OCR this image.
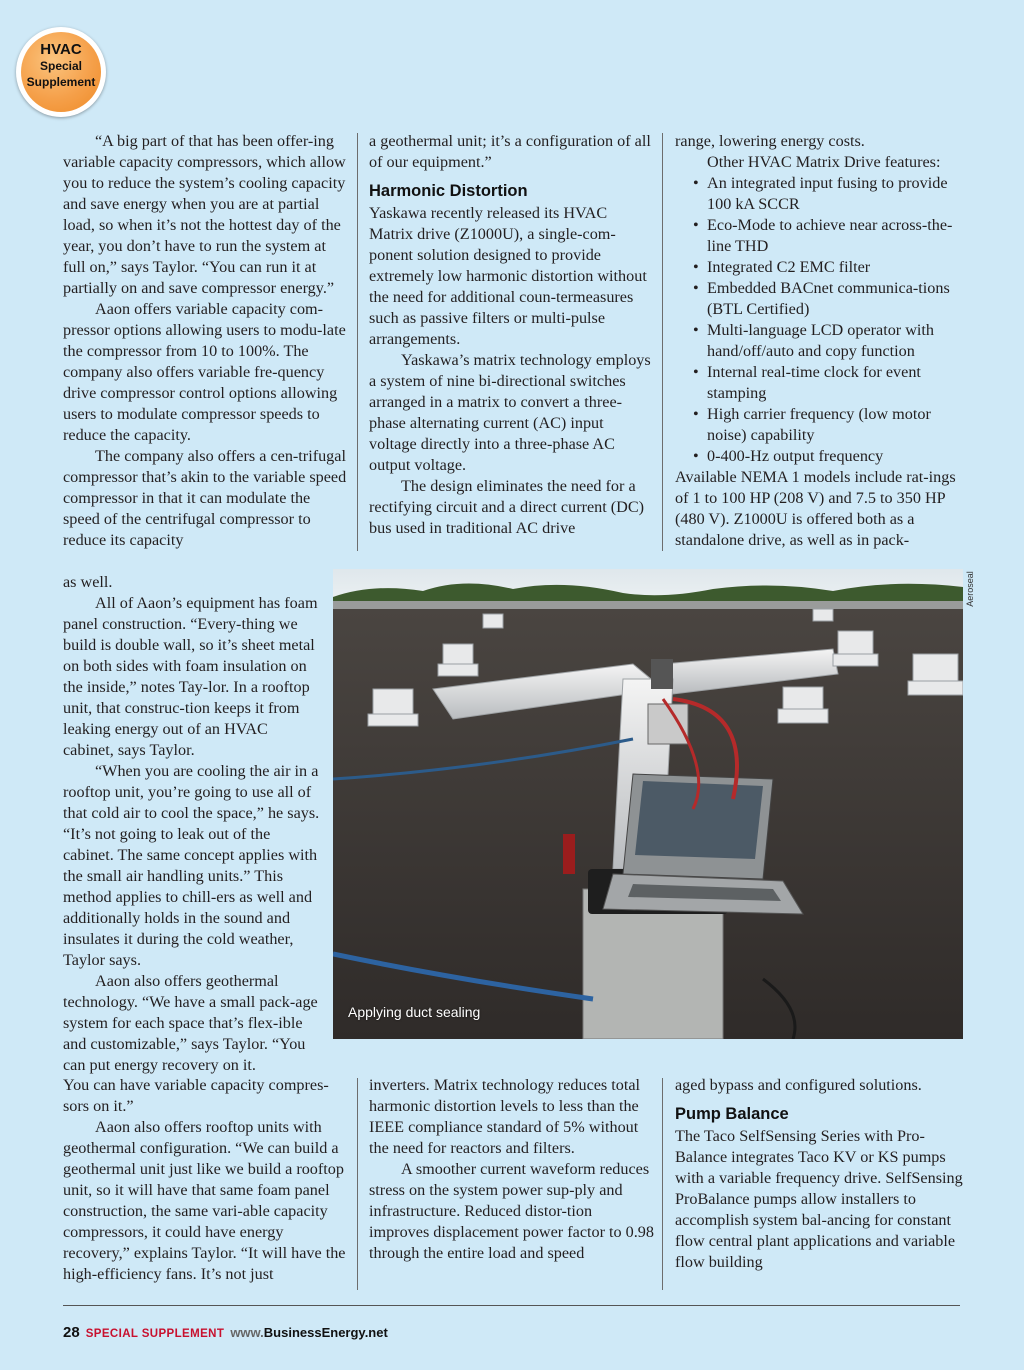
HVAC
Special
Supplement

“A big part of that has been offer-ing variable capacity compressors, which allow you to reduce the system’s cooling capacity and save energy when you are at partial load, so when it’s not the hottest day of the year, you don’t have to run the system at full on,” says Taylor. “You can run it at partially on and save compressor energy.”

Aaon offers variable capacity com-pressor options allowing users to modu-late the compressor from 10 to 100%. The company also offers variable fre-quency drive compressor control options allowing users to modulate compressor speeds to reduce the capacity.

The company also offers a cen-trifugal compressor that’s akin to the variable speed compressor in that it can modulate the speed of the centrifugal compressor to reduce its capacity

as well.

All of Aaon’s equipment has foam panel construction. “Every-thing we build is double wall, so it’s sheet metal on both sides with foam insulation on the inside,” notes Tay-lor. In a rooftop unit, that construc-tion keeps it from leaking energy out of an HVAC cabinet, says Taylor.

“When you are cooling the air in a rooftop unit, you’re going to use all of that cold air to cool the space,” he says. “It’s not going to leak out of the cabinet. The same concept applies with the small air handling units.” This method applies to chill-ers as well and additionally holds in the sound and insulates it during the cold weather, Taylor says.

Aaon also offers geothermal technology. “We have a small pack-age system for each space that’s flex-ible and customizable,” says Taylor. “You can put energy recovery on it.

You can have variable capacity compres-sors on it.”

Aaon also offers rooftop units with geothermal configuration. “We can build a geothermal unit just like we build a rooftop unit, so it will have that same foam panel construction, the same vari-able capacity compressors, it could have energy recovery,” explains Taylor. “It will have the high-efficiency fans. It’s not just

a geothermal unit; it’s a configuration of all of our equipment.”

Harmonic Distortion

Yaskawa recently released its HVAC Matrix drive (Z1000U), a single-com-ponent solution designed to provide extremely low harmonic distortion without the need for additional coun-termeasures such as passive filters or multi-pulse arrangements.

Yaskawa’s matrix technology employs a system of nine bi-directional switches arranged in a matrix to convert a three-phase alternating current (AC) input voltage directly into a three-phase AC output voltage.

The design eliminates the need for a rectifying circuit and a direct current (DC) bus used in traditional AC drive

inverters. Matrix technology reduces total harmonic distortion levels to less than the IEEE compliance standard of 5% without the need for reactors and filters.

A smoother current waveform reduces stress on the system power sup-ply and infrastructure. Reduced distor-tion improves displacement power factor to 0.98 through the entire load and speed

range, lowering energy costs.

Other HVAC Matrix Drive features:

• An integrated input fusing to provide 100 kA SCCR
• Eco-Mode to achieve near across-the-line THD
• Integrated C2 EMC filter
• Embedded BACnet communica-tions (BTL Certified)
• Multi-language LCD operator with hand/off/auto and copy function
• Internal real-time clock for event stamping
• High carrier frequency (low motor noise) capability
• 0-400-Hz output frequency

Available NEMA 1 models include rat-ings of 1 to 100 HP (208 V) and 7.5 to 350 HP (480 V). Z1000U is offered both as a standalone drive, as well as in pack-

aged bypass and configured solutions.

Pump Balance

The Taco SelfSensing Series with Pro-Balance integrates Taco KV or KS pumps with a variable frequency drive. SelfSensing ProBalance pumps allow installers to accomplish system bal-ancing for constant flow central plant applications and variable flow building

Applying duct sealing
Aeroseal
28 SPECIAL SUPPLEMENT www.BusinessEnergy.net
